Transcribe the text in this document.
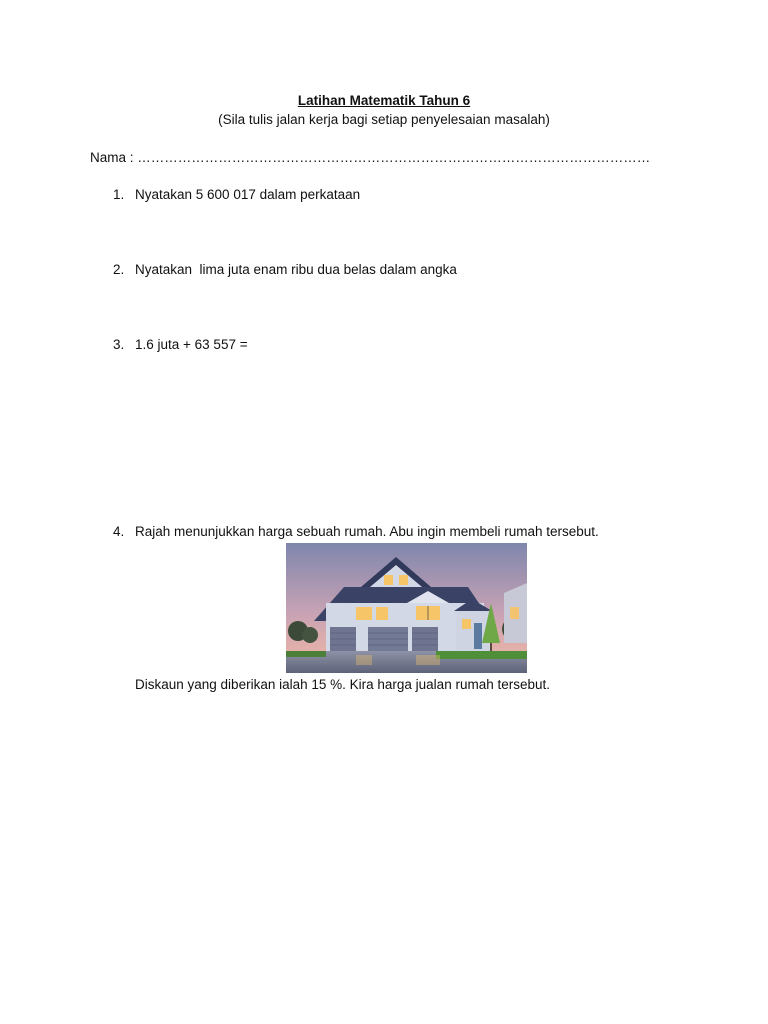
Latihan Matematik Tahun 6
(Sila tulis jalan kerja bagi setiap penyelesaian masalah)
Nama : ……………………………………………………………………………………………………
1. Nyatakan 5 600 017 dalam perkataan
2. Nyatakan  lima juta enam ribu dua belas dalam angka
3. 1.6 juta + 63 557 =
4. Rajah menunjukkan harga sebuah rumah. Abu ingin membeli rumah tersebut.
Diskaun yang diberikan ialah 15 %. Kira harga jualan rumah tersebut.
